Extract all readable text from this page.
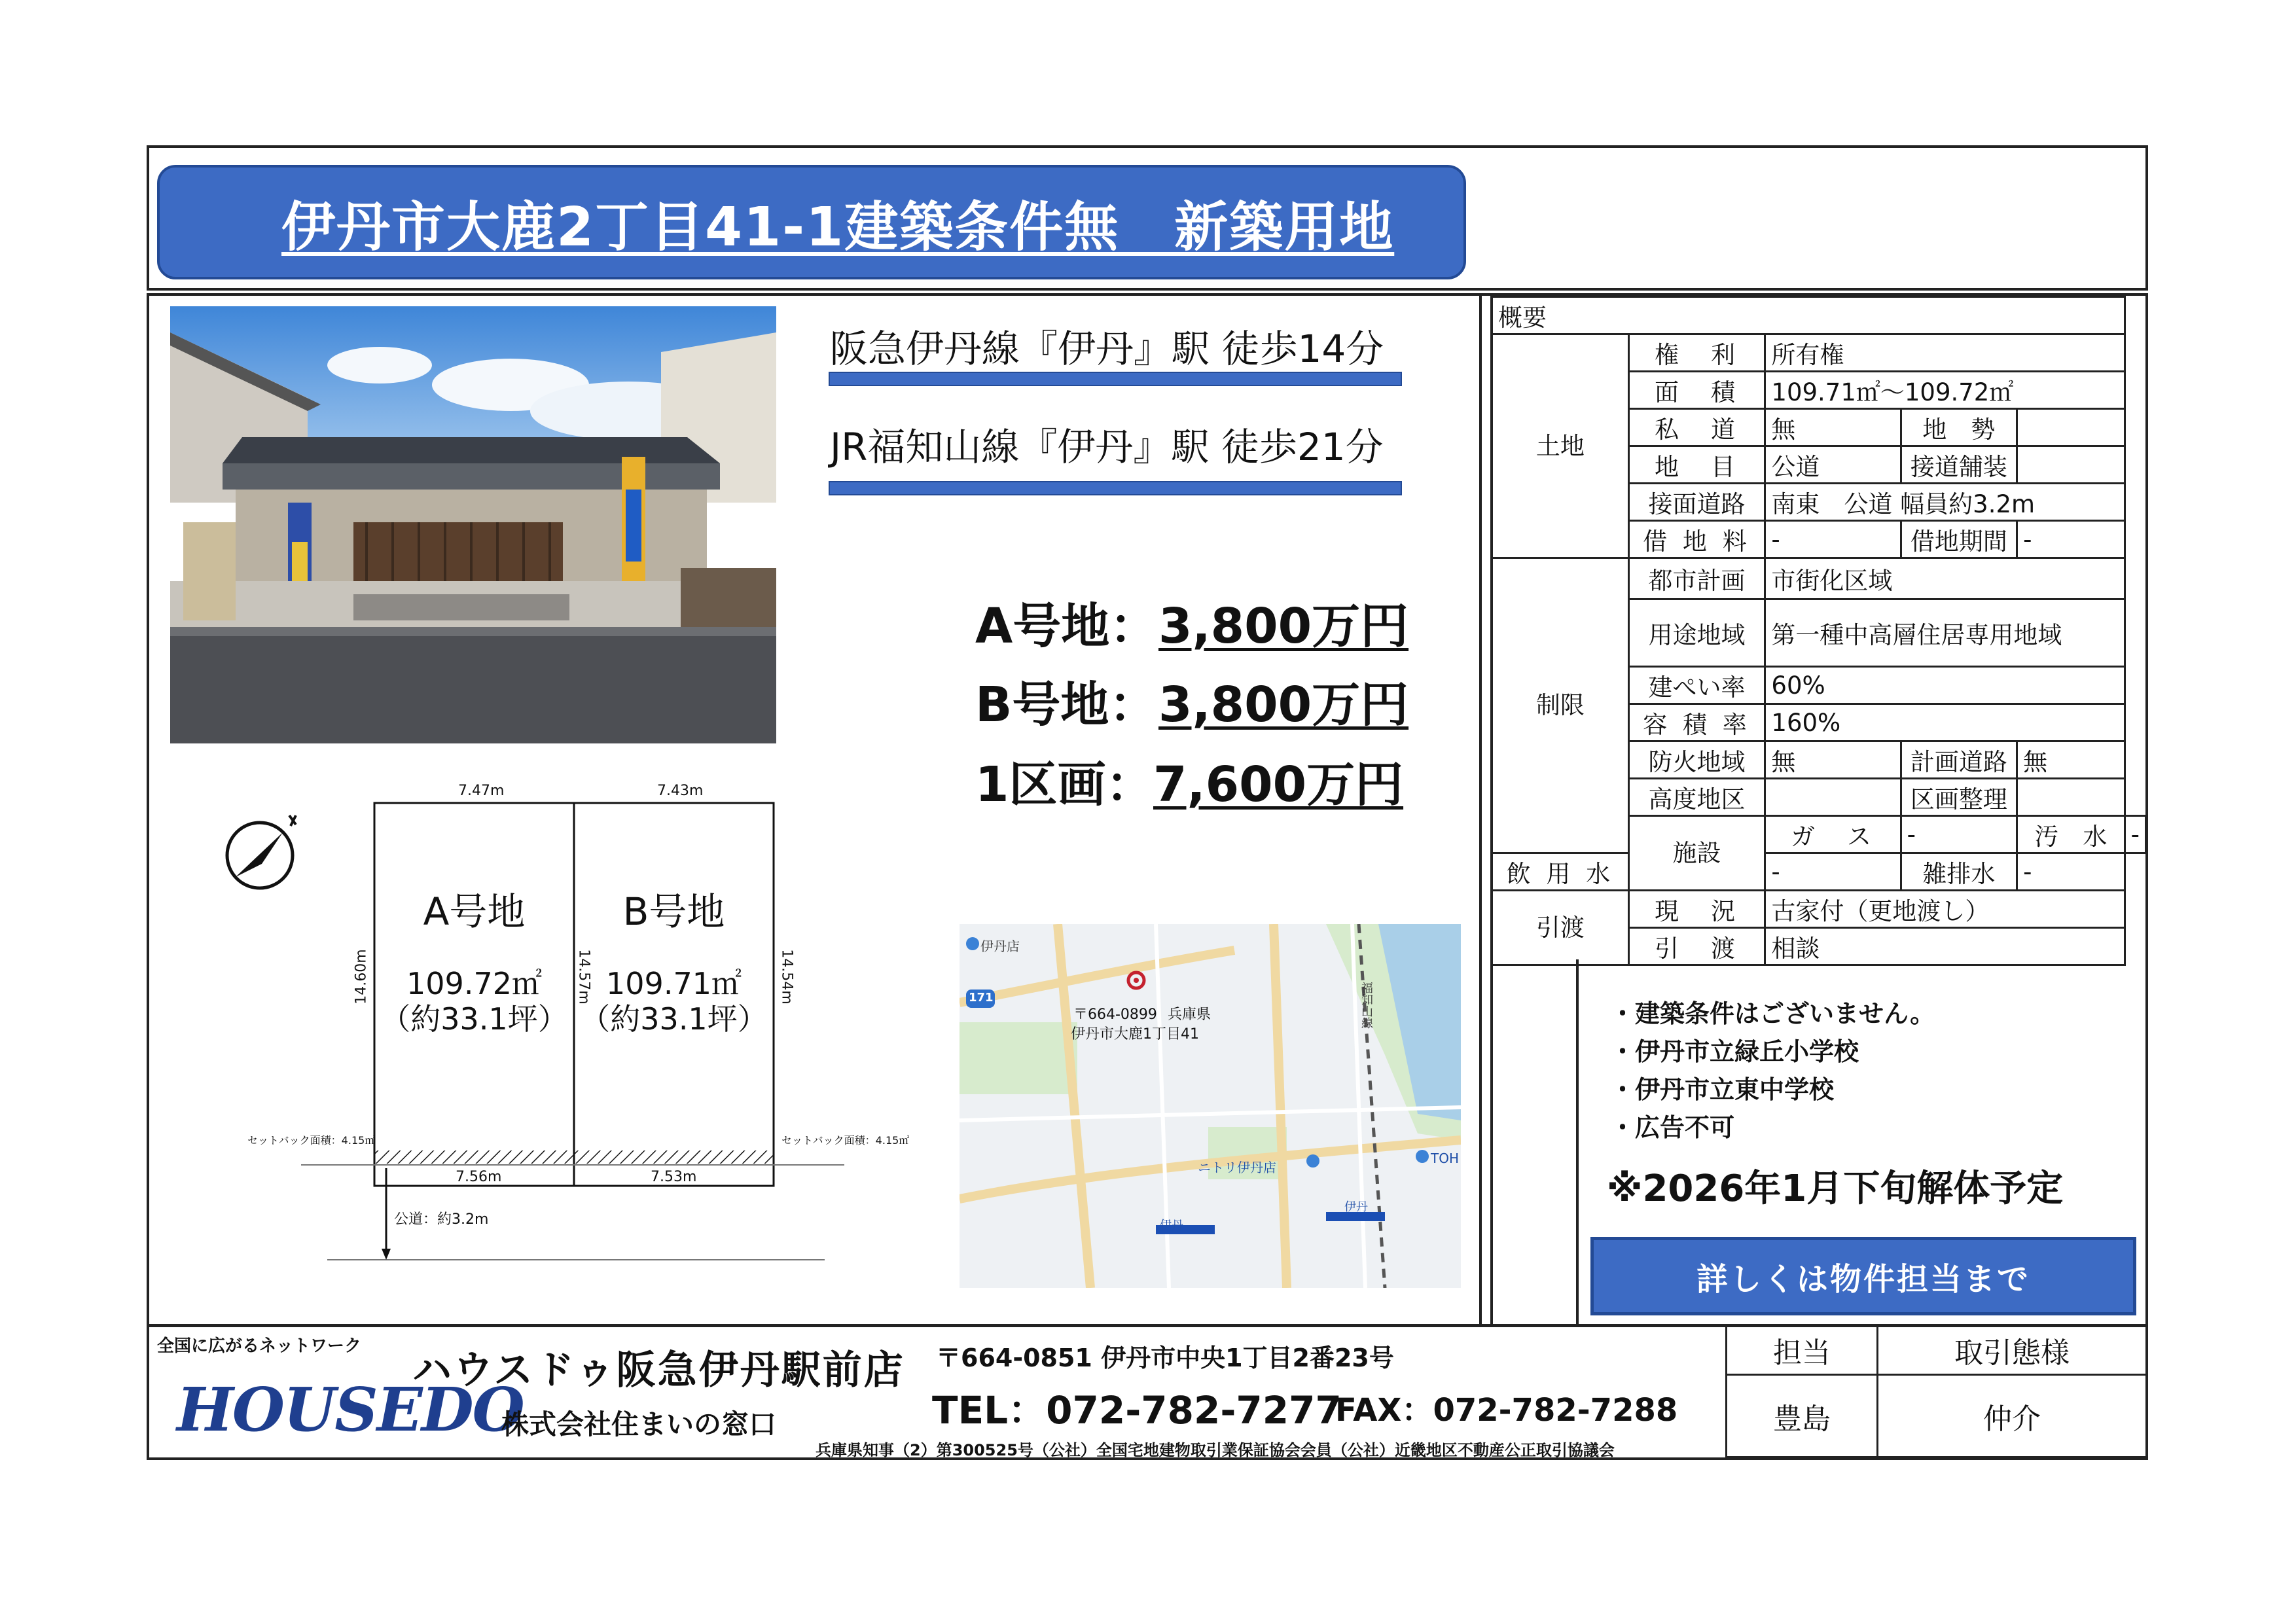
伊丹市大鹿2丁目41-1建築条件無　新築用地
阪急伊丹線『伊丹』駅 徒歩14分
JR福知山線『伊丹』駅 徒歩21分
A号地： 3,800万円
B号地： 3,800万円
1区画：
7,600万円
7.47m	7.43m
A号地	B号地
109.72㎡
（約33.1坪）
109.71㎡
（約33.1坪）
14.60m	14.57m	14.54m
セットバック面積：4.15㎡	セットバック面積：4.15㎡
7.56m	7.53m
公道：約3.2m
伊丹店
171
〒664-0899 兵庫県
伊丹市大鹿1丁目41
福知山線
ニトリ伊丹店
TOH
伊丹
伊丹
概要					
土地	権　利	所有権			
	面　積	109.71㎡〜109.72㎡			
	私　道	無	地　勢		
	地　目	公道	接道舗装		
	接面道路	南東　公道 幅員約3.2m			
	借 地 料	-	借地期間	-	
制限	都市計画	市街化区域			
	用途地域	第一種中高層住居専用地域			
	建ぺい率	60%			
	容 積 率	160%			
	防火地域	無	計画道路	無	
	高度地区		区画整理		
	施設	ガ　ス	-	汚　水	-
飲 用 水		-	雑排水	-	
引渡	現　況	古家付（更地渡し）			
	引　渡	相談			
・建築条件はございません。
・伊丹市立緑丘小学校
・伊丹市立東中学校
・広告不可
※2026年1月下旬解体予定
詳しくは物件担当まで
全国に広がるネットワーク
HOUSEDO
ハウスドゥ阪急伊丹駅前店
株式会社住まいの窓口
〒664-0851 伊丹市中央1丁目2番23号
TEL：072-782-7277
FAX：072-782-7288
兵庫県知事（2）第300525号（公社）全国宅地建物取引業保証協会会員（公社）近畿地区不動産公正取引協議会
担当	取引態様
豊島	仲介
